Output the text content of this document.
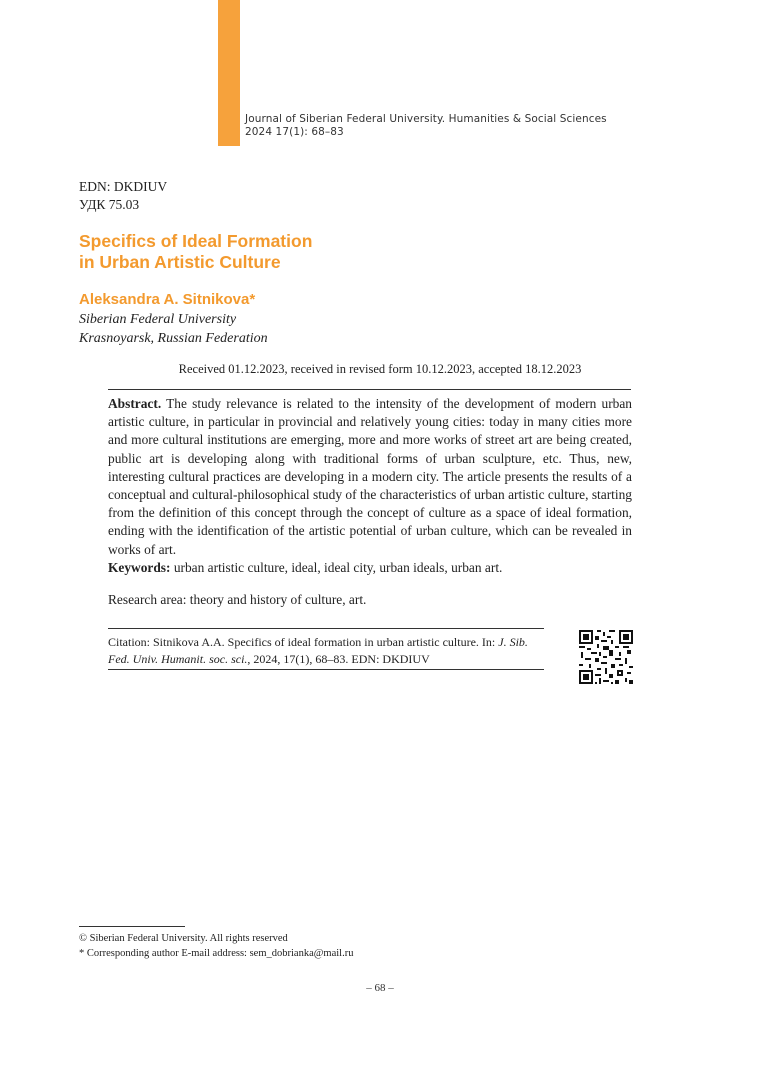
Journal of Siberian Federal University. Humanities & Social Sciences
2024 17(1): 68–83
EDN: DKDIUV
УДК 75.03
Specifics of Ideal Formation
in Urban Artistic Culture
Aleksandra A. Sitnikova*
Siberian Federal University
Krasnoyarsk, Russian Federation
Received 01.12.2023, received in revised form 10.12.2023, accepted 18.12.2023
Abstract. The study relevance is related to the intensity of the development of modern urban artistic culture, in particular in provincial and relatively young cities: today in many cities more and more cultural institutions are emerging, more and more works of street art are being created, public art is developing along with traditional forms of urban sculpture, etc. Thus, new, interesting cultural practices are developing in a modern city. The article presents the results of a conceptual and cultural-philosophical study of the characteristics of urban artistic culture, starting from the definition of this concept through the concept of culture as a space of ideal formation, ending with the identification of the artistic potential of urban culture, which can be revealed in works of art.
Keywords: urban artistic culture, ideal, ideal city, urban ideals, urban art.
Research area: theory and history of culture, art.
Citation: Sitnikova A.A. Specifics of ideal formation in urban artistic culture. In: J. Sib. Fed. Univ. Humanit. soc. sci., 2024, 17(1), 68–83. EDN: DKDIUV
© Siberian Federal University. All rights reserved
* Corresponding author E-mail address: sem_dobrianka@mail.ru
– 68 –
